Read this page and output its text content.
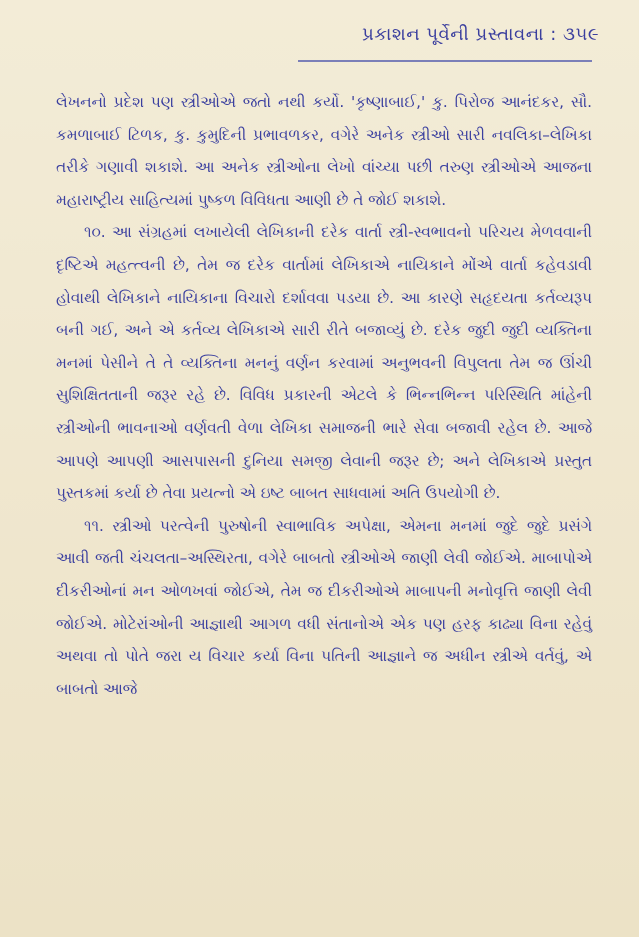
પ્રકાશન પૂર્વેની પ્રસ્તાવના : ૩૫૯

લેખનનો પ્રદેશ પણ સ્ત્રીઓએ જતો નથી કર્યો. 'કૃષ્ણાબાઈ,' કુ. પિરોજ આનંદકર, સૌ. કમળાબાઈ ટિળક, કુ. કુમુદિની પ્રભાવળકર, વગેરે અનેક સ્ત્રીઓ સારી નવલિકા–લેખિકા તરીકે ગણાવી શકાશે. આ અનેક સ્ત્રીઓના લેખો વાંચ્યા પછી તરુણ સ્ત્રીઓએ આજના મહારાષ્ટ્રીય સાહિત્યમાં પુષ્કળ વિવિધતા આણી છે તે જોઈ શકાશે.

૧૦. આ સંગ્રહમાં લખાયેલી લેખિકાની દરેક વાર્તા સ્ત્રી-સ્વભાવનો પરિચય મેળવવાની દૃષ્ટિએ મહત્ત્વની છે, તેમ જ દરેક વાર્તામાં લેખિકાએ નાયિકાને મોંએ વાર્તા કહેવડાવી હોવાથી લેખિકાને નાયિકાના વિચારો દર્શાવવા પડયા છે. આ કારણે સહૃદયતા કર્તવ્યરૂપ બની ગઈ, અને એ કર્તવ્ય લેખિકાએ સારી રીતે બજાવ્યું છે. દરેક જુદી જુદી વ્યક્તિના મનમાં પેસીને તે તે વ્યક્તિના મનનું વર્ણન કરવામાં અનુભવની વિપુલતા તેમ જ ઊંચી સુશિક્ષિતતાની જરૂર રહે છે. વિવિધ પ્રકારની એટલે કે ભિન્નભિન્ન પરિસ્થિતિ માંહેની સ્ત્રીઓની ભાવનાઓ વર્ણવતી વેળા લેખિકા સમાજની ભારે સેવા બજાવી રહેલ છે. આજે આપણે આપણી આસપાસની દુનિયા સમજી લેવાની જરૂર છે; અને લેખિકાએ પ્રસ્તુત પુસ્તકમાં કર્યા છે તેવા પ્રયત્નો એ ઇષ્ટ બાબત સાધવામાં અતિ ઉપયોગી છે.

૧૧. સ્ત્રીઓ પરત્વેની પુરુષોની સ્વાભાવિક અપેક્ષા, એમના મનમાં જુદે જુદે પ્રસંગે આવી જતી ચંચલતા–અસ્થિરતા, વગેરે બાબતો સ્ત્રીઓએ જાણી લેવી જોઈએ. માબાપોએ દીકરીઓનાં મન ઓળખવાં જોઈએ, તેમ જ દીકરીઓએ માબાપની મનોવૃત્તિ જાણી લેવી જોઈએ. મોટેરાંઓની આજ્ઞાથી આગળ વધી સંતાનોએ એક પણ હરફ કાઢ્યા વિના રહેવું અથવા તો પોતે જરા ય વિચાર કર્યા વિના પતિની આજ્ઞાને જ અધીન સ્ત્રીએ વર્તવું, એ બાબતો આજે
